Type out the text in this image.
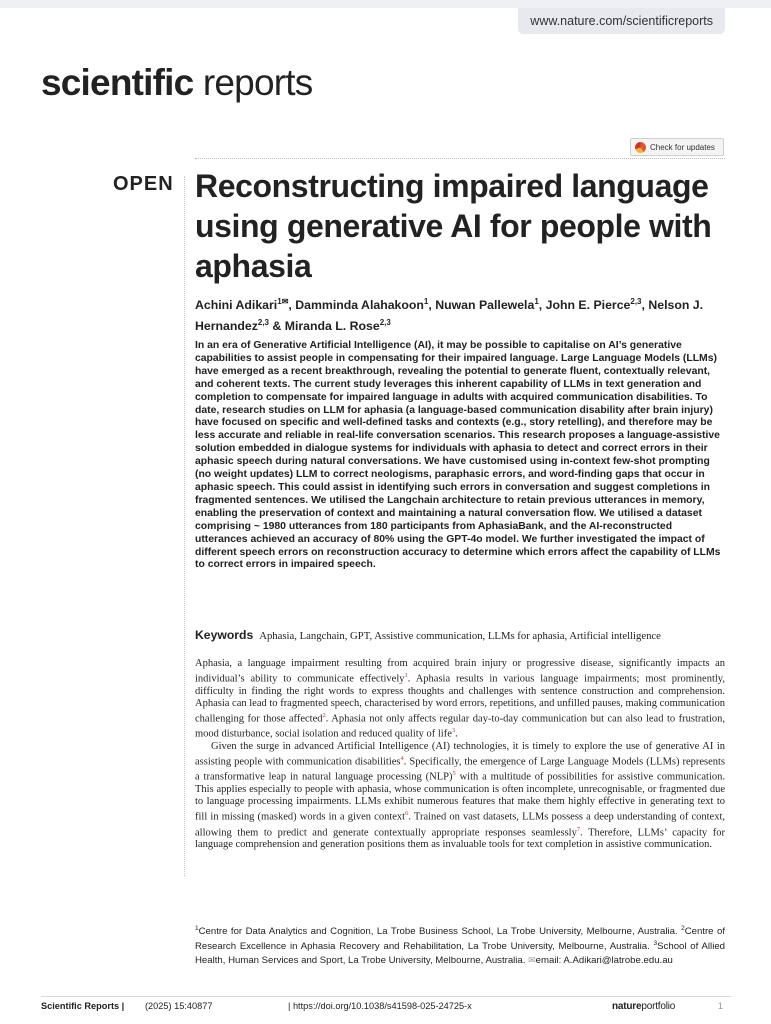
www.nature.com/scientificreports
scientific reports
Check for updates
OPEN Reconstructing impaired language using generative AI for people with aphasia
Achini Adikari$^{1✉}$, Damminda Alahakoon$^1$, Nuwan Pallewela$^1$, John E. Pierce$^{2,3}$, Nelson J. Hernandez$^{2,3}$ & Miranda L. Rose$^{2,3}$

In an era of Generative Artificial Intelligence (AI), it may be possible to capitalise on AI’s generative capabilities to assist people in compensating for their impaired language. Large Language Models (LLMs) have emerged as a recent breakthrough, revealing the potential to generate fluent, contextually relevant, and coherent texts. The current study leverages this inherent capability of LLMs in text generation and completion to compensate for impaired language in adults with acquired communication disabilities. To date, research studies on LLM for aphasia (a language-based communication disability after brain injury) have focused on specific and well-defined tasks and contexts (e.g., story retelling), and therefore may be less accurate and reliable in real-life conversation scenarios. This research proposes a language-assistive solution embedded in dialogue systems for individuals with aphasia to detect and correct errors in their aphasic speech during natural conversations. We have customised using in-context few-shot prompting (no weight updates) LLM to correct neologisms, paraphasic errors, and word-finding gaps that occur in aphasic speech. This could assist in identifying such errors in conversation and suggest completions in fragmented sentences. We utilised the Langchain architecture to retain previous utterances in memory, enabling the preservation of context and maintaining a natural conversation flow. We utilised a dataset comprising ~ 1980 utterances from 180 participants from AphasiaBank, and the AI-reconstructed utterances achieved an accuracy of 80% using the GPT-4o model. We further investigated the impact of different speech errors on reconstruction accuracy to determine which errors affect the capability of LLMs to correct errors in impaired speech.

Keywords Aphasia, Langchain, GPT, Assistive communication, LLMs for aphasia, Artificial intelligence

Aphasia, a language impairment resulting from acquired brain injury or progressive disease, significantly impacts an individual’s ability to communicate effectively$^1$. Aphasia results in various language impairments; most prominently, difficulty in finding the right words to express thoughts and challenges with sentence construction and comprehension. Aphasia can lead to fragmented speech, characterised by word errors, repetitions, and unfilled pauses, making communication challenging for those affected$^2$. Aphasia not only affects regular day-to-day communication but can also lead to frustration, mood disturbance, social isolation and reduced quality of life$^3$.

Given the surge in advanced Artificial Intelligence (AI) technologies, it is timely to explore the use of generative AI in assisting people with communication disabilities$^4$. Specifically, the emergence of Large Language Models (LLMs) represents a transformative leap in natural language processing (NLP)$^5$ with a multitude of possibilities for assistive communication. This applies especially to people with aphasia, whose communication is often incomplete, unrecognisable, or fragmented due to language processing impairments. LLMs exhibit numerous features that make them highly effective in generating text to fill in missing (masked) words in a given context$^6$. Trained on vast datasets, LLMs possess a deep understanding of context, allowing them to predict and generate contextually appropriate responses seamlessly$^7$. Therefore, LLMs’ capacity for language comprehension and generation positions them as invaluable tools for text completion in assistive communication.

$^1$Centre for Data Analytics and Cognition, La Trobe Business School, La Trobe University, Melbourne, Australia. $^2$Centre of Research Excellence in Aphasia Recovery and Rehabilitation, La Trobe University, Melbourne, Australia. $^3$School of Allied Health, Human Services and Sport, La Trobe University, Melbourne, Australia. ✉email: A.Adikari@latrobe.edu.au
Scientific Reports | (2025) 15:40877	| https://doi.org/10.1038/s41598-025-24725-x	natureportfolio	1
